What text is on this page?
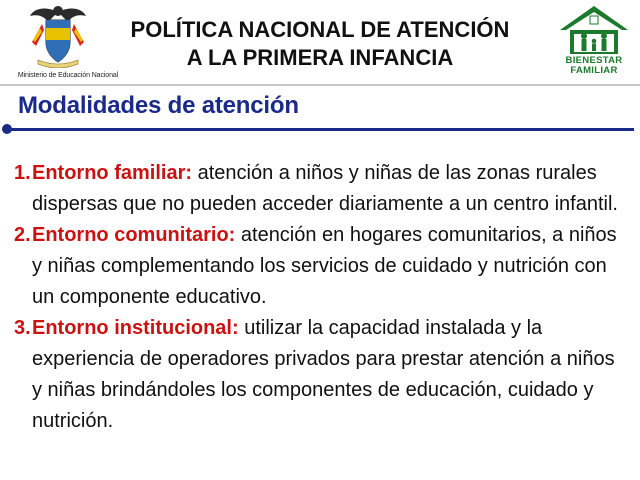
Ministerio de Educación Nacional
POLÍTICA NACIONAL DE ATENCIÓN
A LA PRIMERA INFANCIA	BIENESTAR
FAMILIAR
Modalidades de atención
1. Entorno familiar: atención a niños y niñas de las zonas rurales
dispersas que no pueden acceder diariamente a un centro infantil.
2. Entorno comunitario: atención en hogares comunitarios, a niños
y niñas complementando los servicios de cuidado y nutrición con
un componente educativo.
3. Entorno institucional: utilizar la capacidad instalada y la
experiencia de operadores privados para prestar atención a niños
y niñas brindándoles los componentes de educación, cuidado y
nutrición.
